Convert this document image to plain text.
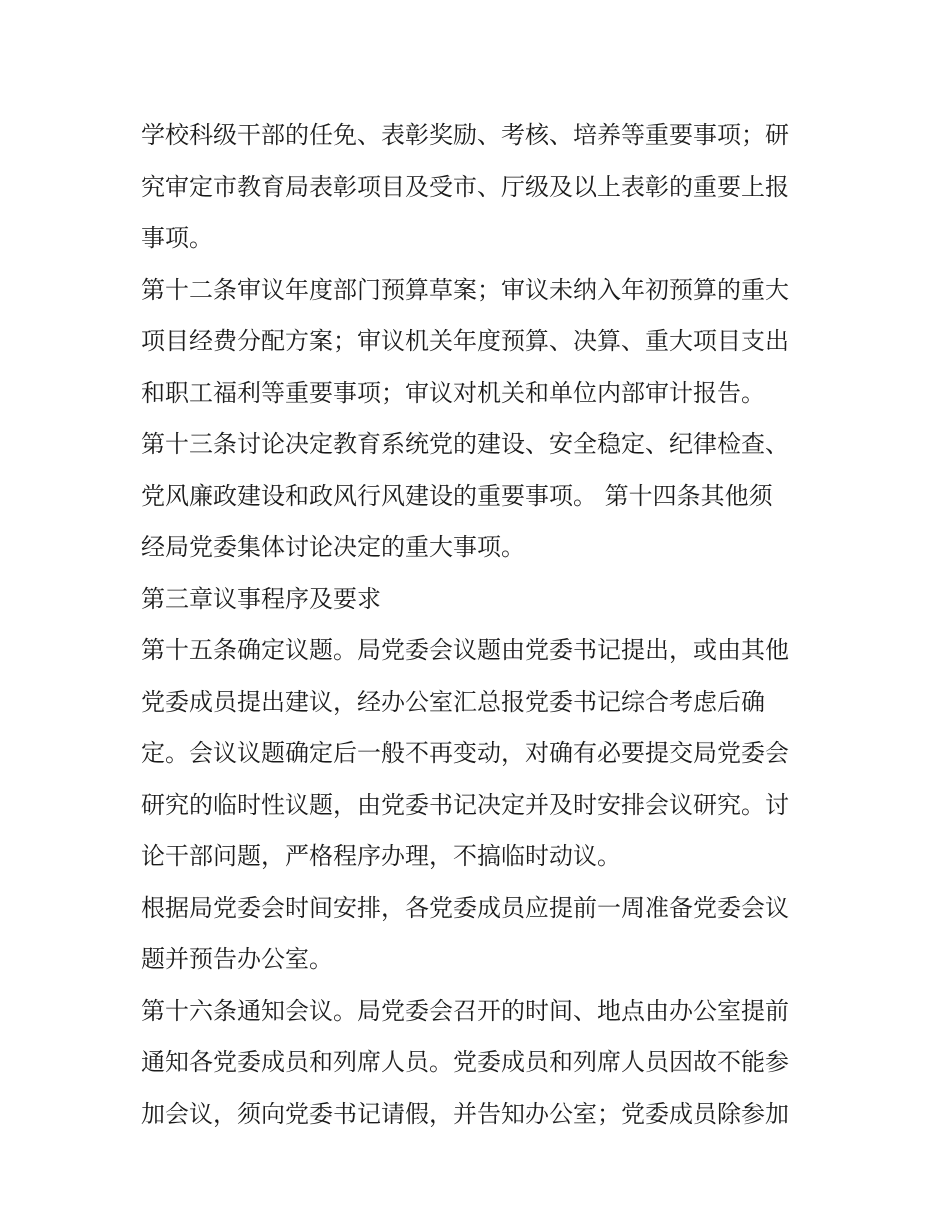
学校科级干部的任免、表彰奖励、考核、培养等重要事项；研
究审定市教育局表彰项目及受市、厅级及以上表彰的重要上报
事项。
第十二条审议年度部门预算草案；审议未纳入年初预算的重大
项目经费分配方案；审议机关年度预算、决算、重大项目支出
和职工福利等重要事项；审议对机关和单位内部审计报告。
第十三条讨论决定教育系统党的建设、安全稳定、纪律检查、
党风廉政建设和政风行风建设的重要事项。 第十四条其他须
经局党委集体讨论决定的重大事项。
第三章议事程序及要求
第十五条确定议题。局党委会议题由党委书记提出，或由其他
党委成员提出建议，经办公室汇总报党委书记综合考虑后确
定。会议议题确定后一般不再变动，对确有必要提交局党委会
研究的临时性议题，由党委书记决定并及时安排会议研究。讨
论干部问题，严格程序办理，不搞临时动议。
根据局党委会时间安排，各党委成员应提前一周准备党委会议
题并预告办公室。
第十六条通知会议。局党委会召开的时间、地点由办公室提前
通知各党委成员和列席人员。党委成员和列席人员因故不能参
加会议，须向党委书记请假，并告知办公室；党委成员除参加
